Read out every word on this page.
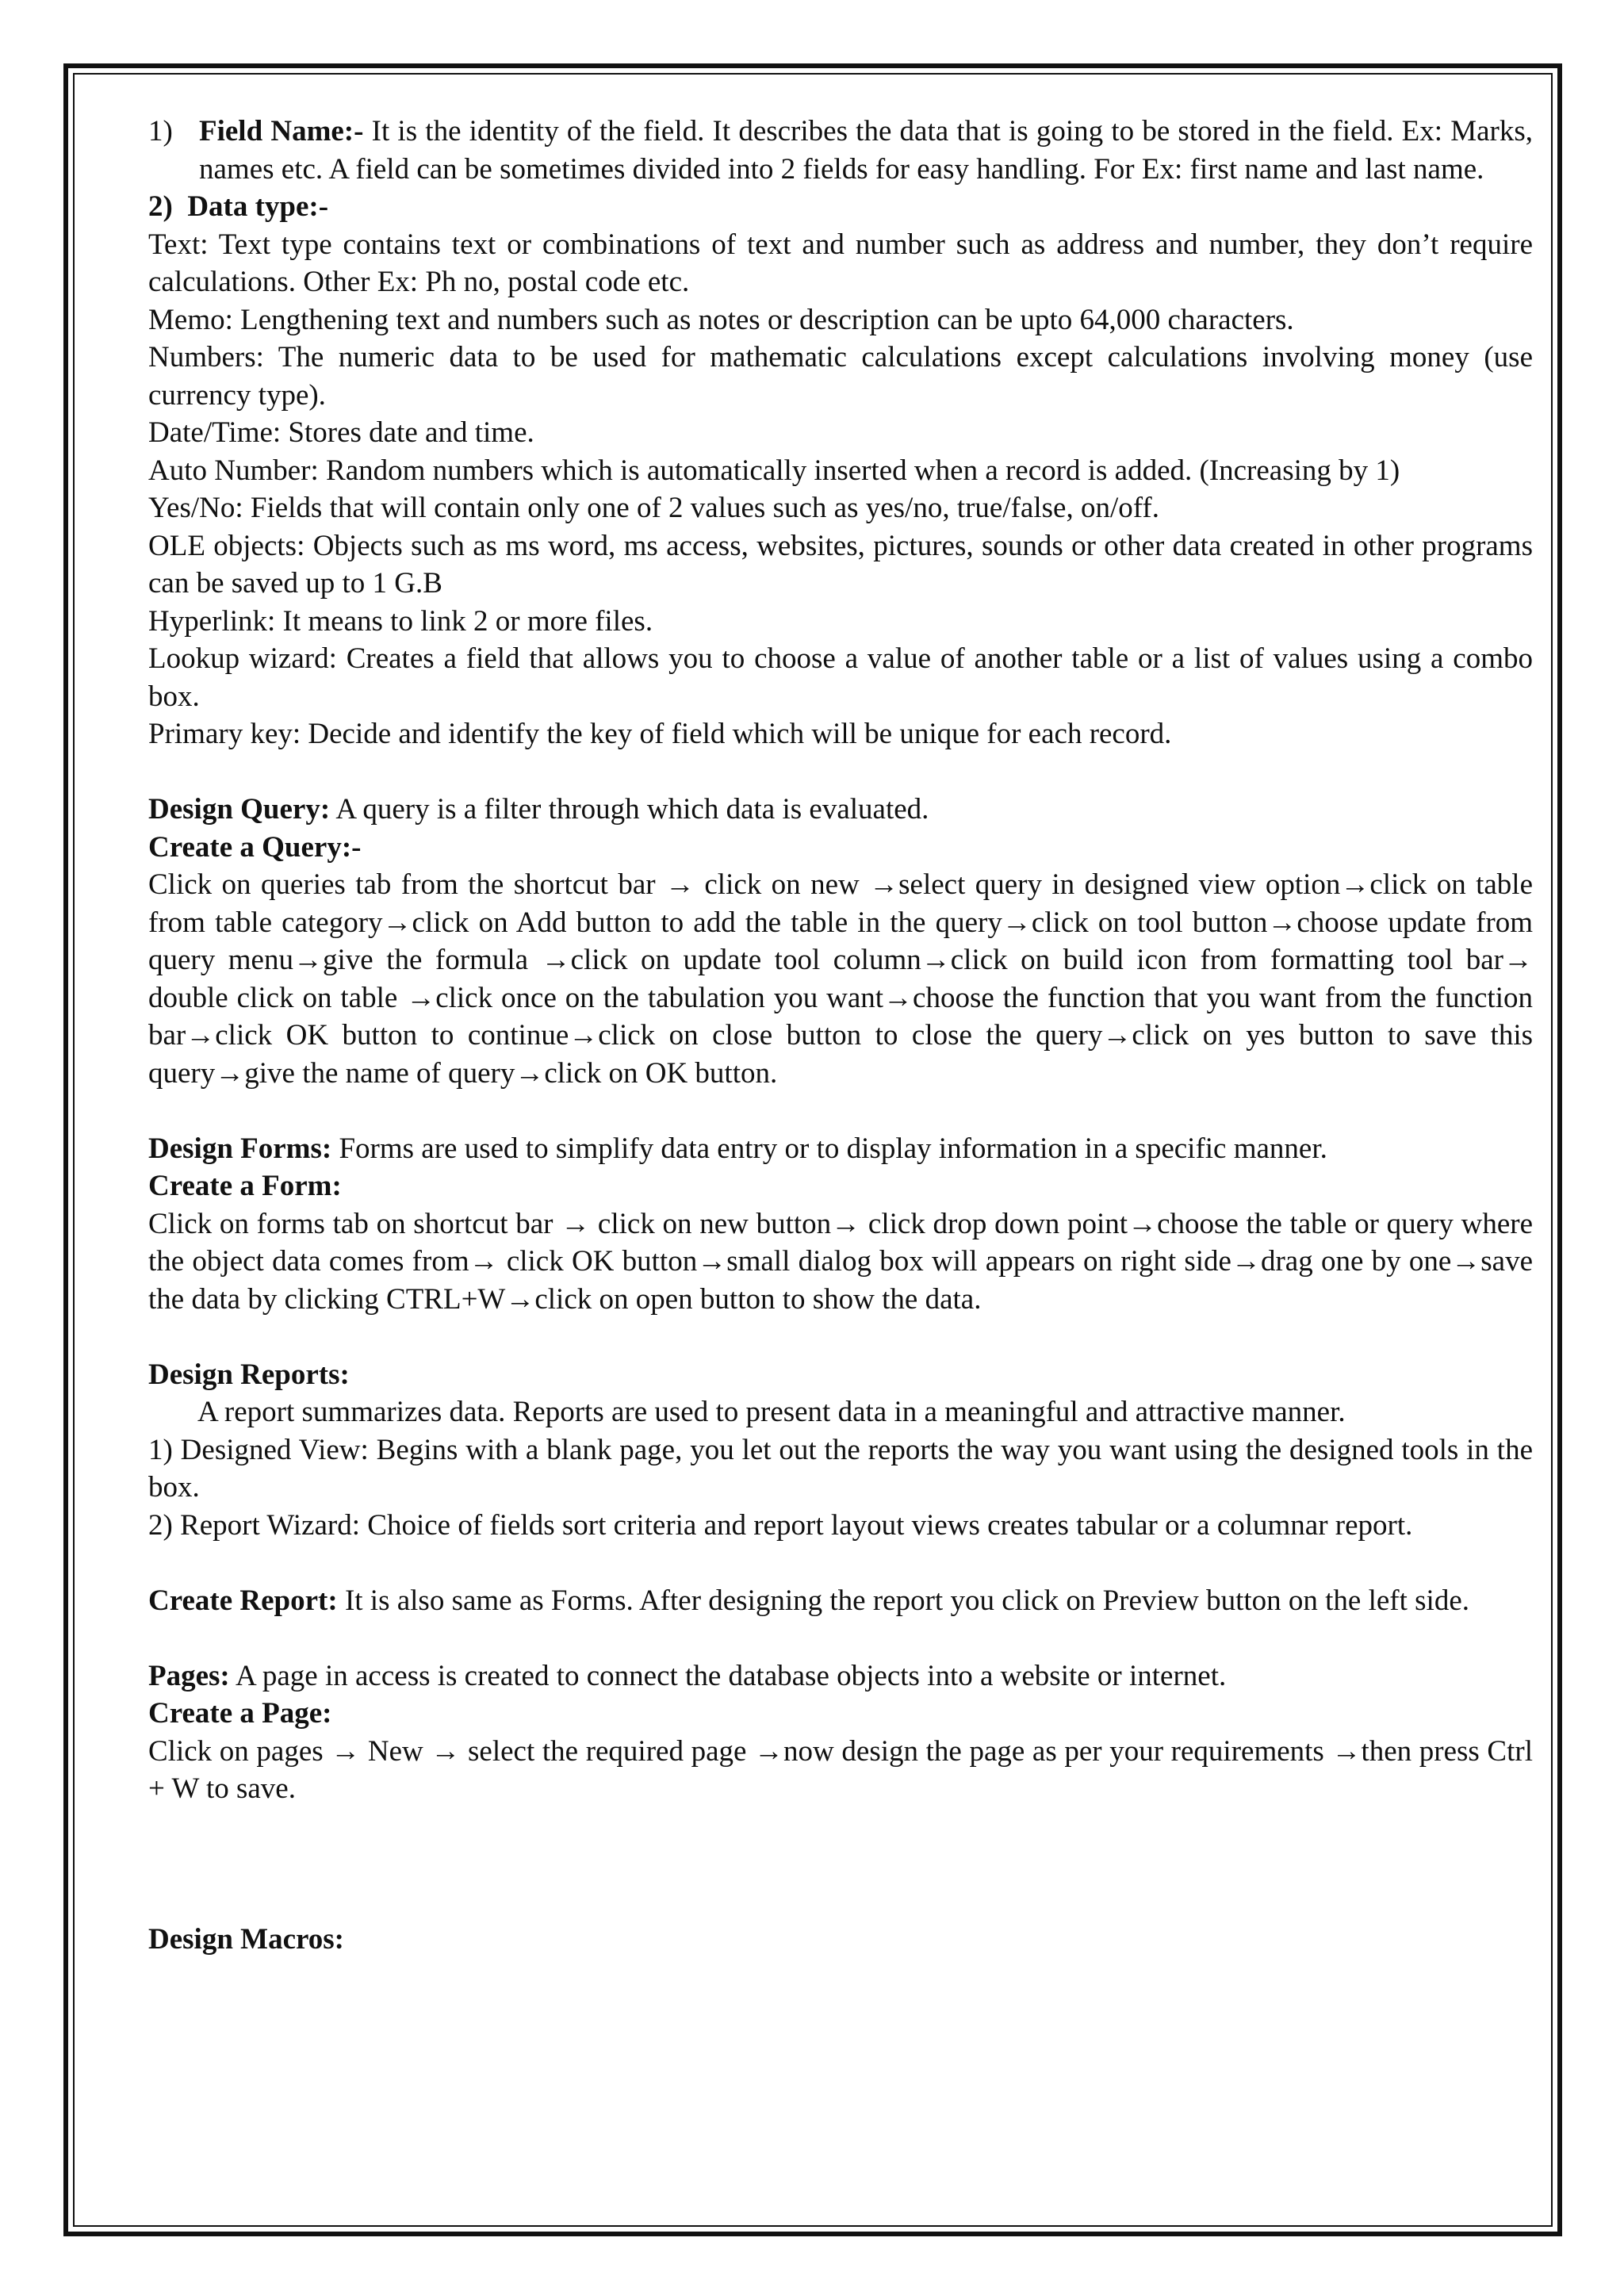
1) Field Name:- It is the identity of the field. It describes the data that is going to be stored in the field. Ex: Marks, names etc. A field can be sometimes divided into 2 fields for easy handling. For Ex: first name and last name.

2)  Data type:-

Text: Text type contains text or combinations of text and number such as address and number, they don’t require calculations. Other Ex: Ph no, postal code etc.

Memo: Lengthening text and numbers such as notes or description can be upto 64,000 characters.

Numbers: The numeric data to be used for mathematic calculations except calculations involving money (use currency type).

Date/Time: Stores date and time.

Auto Number: Random numbers which is automatically inserted when a record is added. (Increasing by 1)

Yes/No: Fields that will contain only one of 2 values such as yes/no, true/false, on/off.

OLE objects: Objects such as ms word, ms access, websites, pictures, sounds or other data created in other programs can be saved up to 1 G.B

Hyperlink: It means to link 2 or more files.

Lookup wizard: Creates a field that allows you to choose a value of another table or a list of values using a combo box.

Primary key: Decide and identify the key of field which will be unique for each record.

Design Query: A query is a filter through which data is evaluated.

Create a Query:-

Click on queries tab from the shortcut bar → click on new →select query in designed view option→click on table from table category→click on Add button to add the table in the query→click on tool button→choose update from query menu→give the formula →click on update tool column→click on build icon from formatting tool bar→ double click on table →click once on the tabulation you want→choose the function that you want from the function bar→click OK button to continue→click on close button to close the query→click on yes button to save this query→give the name of query→click on OK button.

Design Forms: Forms are used to simplify data entry or to display information in a specific manner.

Create a Form:

Click on forms tab on shortcut bar → click on new button→ click drop down point→choose the table or query where the object data comes from→ click OK button→small dialog box will appears on right side→drag one by one→save the data by clicking CTRL+W→click on open button to show the data.

Design Reports:

A report summarizes data. Reports are used to present data in a meaningful and attractive manner.

1) Designed View: Begins with a blank page, you let out the reports the way you want using the designed tools in the box.

2) Report Wizard: Choice of fields sort criteria and report layout views creates tabular or a columnar report.

Create Report: It is also same as Forms. After designing the report you click on Preview button on the left side.

Pages: A page in access is created to connect the database objects into a website or internet.

Create a Page:

Click on pages → New → select the required page →now design the page as per your requirements →then press Ctrl + W to save.

Design Macros:
